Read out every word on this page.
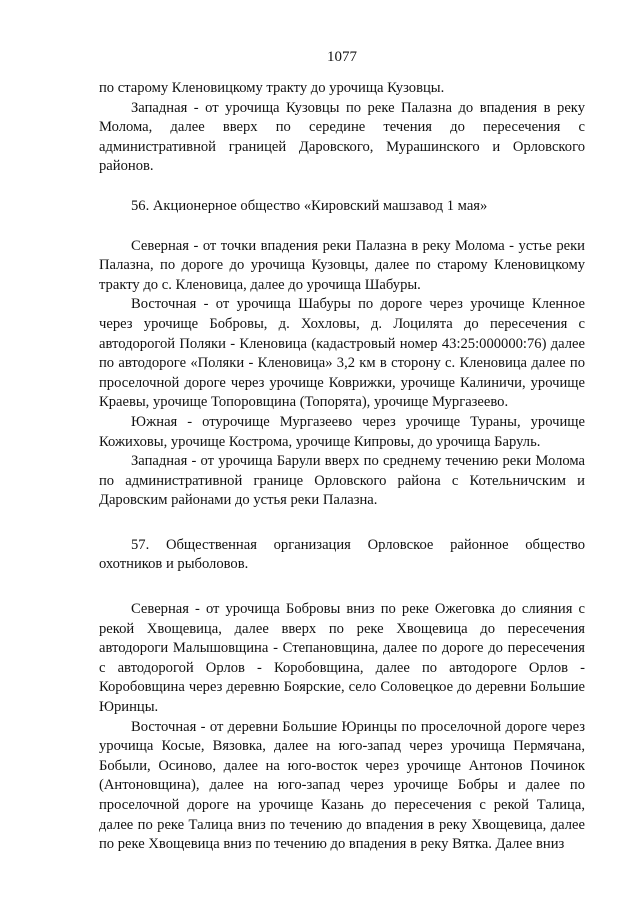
1077

по старому Кленовицкому тракту до урочища Кузовцы.

Западная - от урочища Кузовцы по реке Палазна до впадения в реку Молома, далее вверх по середине течения до пересечения с административной границей Даровского, Мурашинского и Орловского районов.

56. Акционерное общество «Кировский машзавод 1 мая»

Северная - от точки впадения реки Палазна в реку Молома - устье реки Палазна, по дороге до урочища Кузовцы, далее по старому Кленовицкому тракту до с. Кленовица, далее до урочища Шабуры.

Восточная - от урочища Шабуры по дороге через урочище Кленное через урочище Бобровы, д. Хохловы, д. Лоцилята до пересечения с автодорогой Поляки - Кленовица (кадастровый номер 43:25:000000:76) далее по автодороге «Поляки - Кленовица» 3,2 км в сторону с. Кленовица далее по проселочной дороге через урочище Коврижки, урочище Калиничи, урочище Краевы, урочище Топоровщина (Топорята), урочище Мургазеево.

Южная - отурочище Мургазеево через урочище Тураны, урочище Кожиховы, урочище Кострома, урочище Кипровы, до урочища Баруль.

Западная - от урочища Барули вверх по среднему течению реки Молома по административной границе Орловского района с Котельничским и Даровским районами до устья реки Палазна.

57. Общественная организация Орловское районное общество охотников и рыболовов.

Северная - от урочища Бобровы вниз по реке Ожеговка до слияния с рекой Хвощевица, далее вверх по реке Хвощевица до пересечения автодороги Малышовщина - Степановщина, далее по дороге до пересечения с автодорогой Орлов - Коробовщина, далее по автодороге Орлов - Коробовщина через деревню Боярские, село Соловецкое до деревни Большие Юринцы.

Восточная - от деревни Большие Юринцы по проселочной дороге через урочища Косые, Вязовка, далее на юго-запад через урочища Пермячана, Бобыли, Осиново, далее на юго-восток через урочище Антонов Починок (Антоновщина), далее на юго-запад через урочище Бобры и далее по проселочной дороге на урочище Казань до пересечения с рекой Талица, далее по реке Талица вниз по течению до впадения в реку Хвощевица, далее по реке Хвощевица вниз по течению до впадения в реку Вятка. Далее вниз
